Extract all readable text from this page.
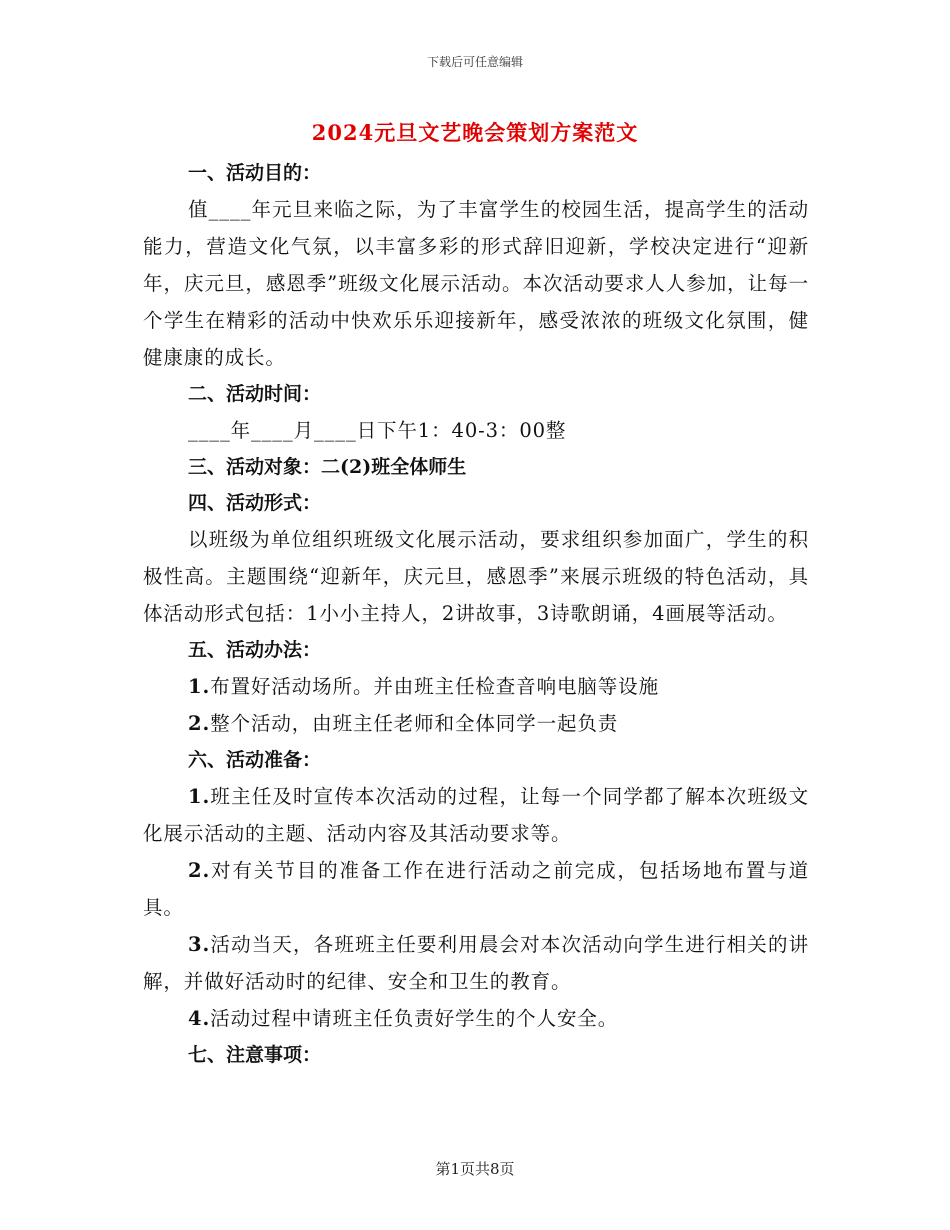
下载后可任意编辑
2024元旦文艺晚会策划方案范文
一、活动目的：
值____年元旦来临之际，为了丰富学生的校园生活，提高学生的活动能力，营造文化气氛，以丰富多彩的形式辞旧迎新，学校决定进行“迎新年，庆元旦，感恩季”班级文化展示活动。本次活动要求人人参加，让每一个学生在精彩的活动中快欢乐乐迎接新年，感受浓浓的班级文化氛围，健健康康的成长。
二、活动时间：
____年____月____日下午1：40-3：00整
三、活动对象：二(2)班全体师生
四、活动形式：
以班级为单位组织班级文化展示活动，要求组织参加面广，学生的积极性高。主题围绕“迎新年，庆元旦，感恩季”来展示班级的特色活动，具体活动形式包括：1小小主持人，2讲故事，3诗歌朗诵，4画展等活动。
五、活动办法：
1.布置好活动场所。并由班主任检查音响电脑等设施
2.整个活动，由班主任老师和全体同学一起负责
六、活动准备：
1.班主任及时宣传本次活动的过程，让每一个同学都了解本次班级文化展示活动的主题、活动内容及其活动要求等。
2.对有关节目的准备工作在进行活动之前完成，包括场地布置与道具。
3.活动当天，各班班主任要利用晨会对本次活动向学生进行相关的讲解，并做好活动时的纪律、安全和卫生的教育。
4.活动过程中请班主任负责好学生的个人安全。
七、注意事项：
第1页共8页
